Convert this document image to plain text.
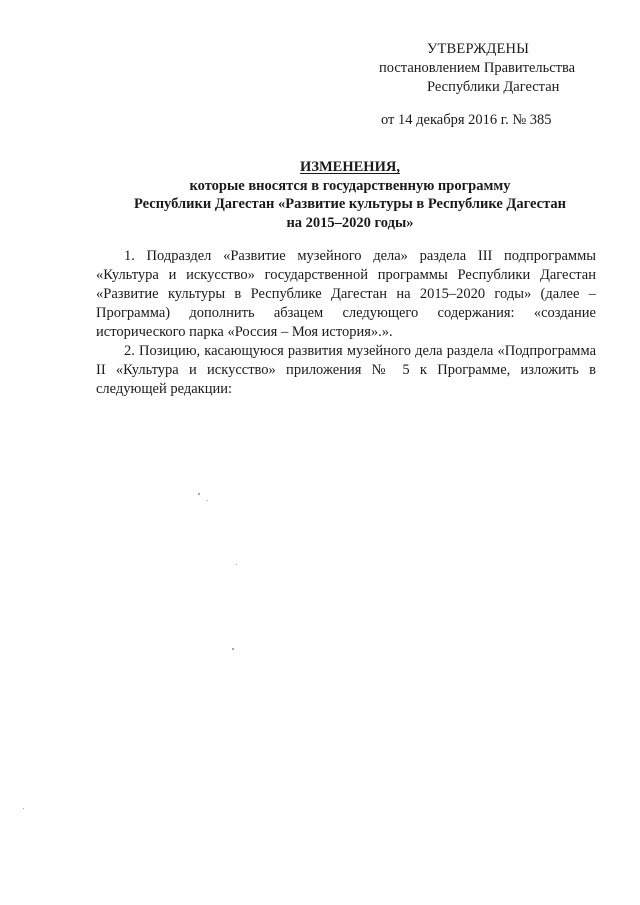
УТВЕРЖДЕНЫ
постановлением Правительства
Республики Дагестан
от 14 декабря 2016 г. № 385
ИЗМЕНЕНИЯ,
которые вносятся в государственную программу
Республики Дагестан «Развитие культуры в Республике Дагестан
на 2015–2020 годы»

1. Подраздел «Развитие музейного дела» раздела III подпрограммы «Культура и искусство» государственной программы Республики Дагестан «Развитие культуры в Республике Дагестан на 2015–2020 годы» (далее – Программа) дополнить абзацем следующего содержания: «создание исторического парка «Россия – Моя история».».

2. Позицию, касающуюся развития музейного дела раздела «Подпрограмма II «Культура и искусство» приложения № 5 к Программе, изложить в следующей редакции:
